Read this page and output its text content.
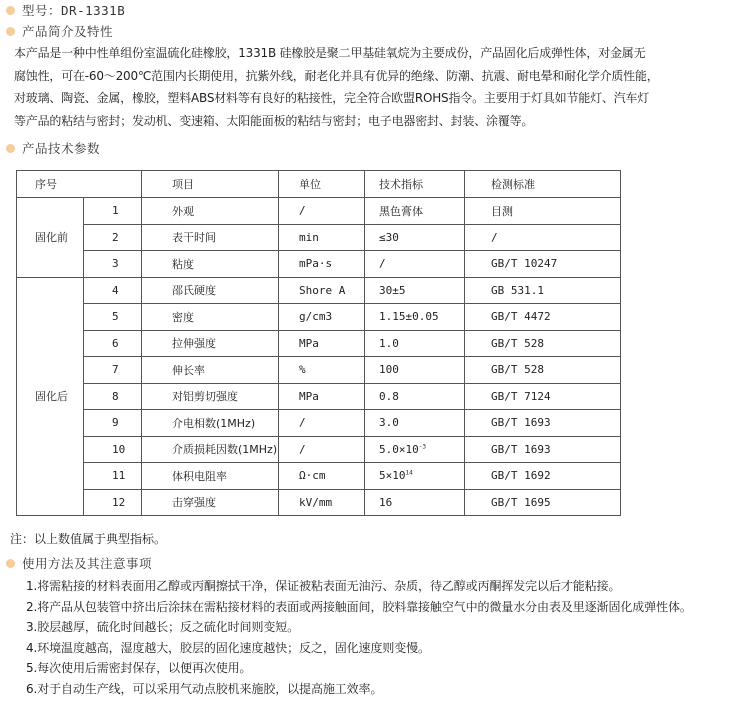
型号： DR-1331B
产品简介及特性
本产品是一种中性单组份室温硫化硅橡胶，1331B 硅橡胶是聚二甲基硅氧烷为主要成份，产品固化后成弹性体，对金属无
腐蚀性，可在-60～200℃范围内长期使用，抗紫外线，耐老化并具有优异的绝缘、防潮、抗震、耐电晕和耐化学介质性能，
对玻璃、陶瓷、金属，橡胶，塑料ABS材料等有良好的粘接性，完全符合欧盟ROHS指令。主要用于灯具如节能灯、汽车灯
等产品的粘结与密封；发动机、变速箱、太阳能面板的粘结与密封；电子电器密封、封装、涂覆等。
产品技术参数
序号		项目	单位	技术指标	检测标准
固化前	1	外观	/	黑色膏体	目测
	2	表干时间	min	≤30	/
	3	粘度	mPa·s	/	GB/T 10247
固化后	4	邵氏硬度	Shore A	30±5	GB 531.1
	5	密度	g/cm3	1.15±0.05	GB/T 4472
	6	拉伸强度	MPa	1.0	GB/T 528
	7	伸长率	%	100	GB/T 528
	8	对铝剪切强度	MPa	0.8	GB/T 7124
	9	介电相数(1MHz)	/	3.0	GB/T 1693
	10	介质损耗因数(1MHz)	/	$5.0\times 10^{-3}$	GB/T 1693
	11	体积电阻率	Ω·cm	$5\times 10^{14}$	GB/T 1692
	12	击穿强度	kV/mm	16	GB/T 1695
注：以上数值属于典型指标。
使用方法及其注意事项
1.将需粘接的材料表面用乙醇或丙酮擦拭干净，保证被粘表面无油污、杂质，待乙醇或丙酮挥发完以后才能粘接。
2.将产品从包装管中挤出后涂抹在需粘接材料的表面或两接触面间，胶料靠接触空气中的微量水分由表及里逐渐固化成弹性体。
3.胶层越厚，硫化时间越长；反之硫化时间则变短。
4.环境温度越高，湿度越大，胶层的固化速度越快；反之，固化速度则变慢。
5.每次使用后需密封保存，以便再次使用。
6.对于自动生产线，可以采用气动点胶机来施胶，以提高施工效率。
